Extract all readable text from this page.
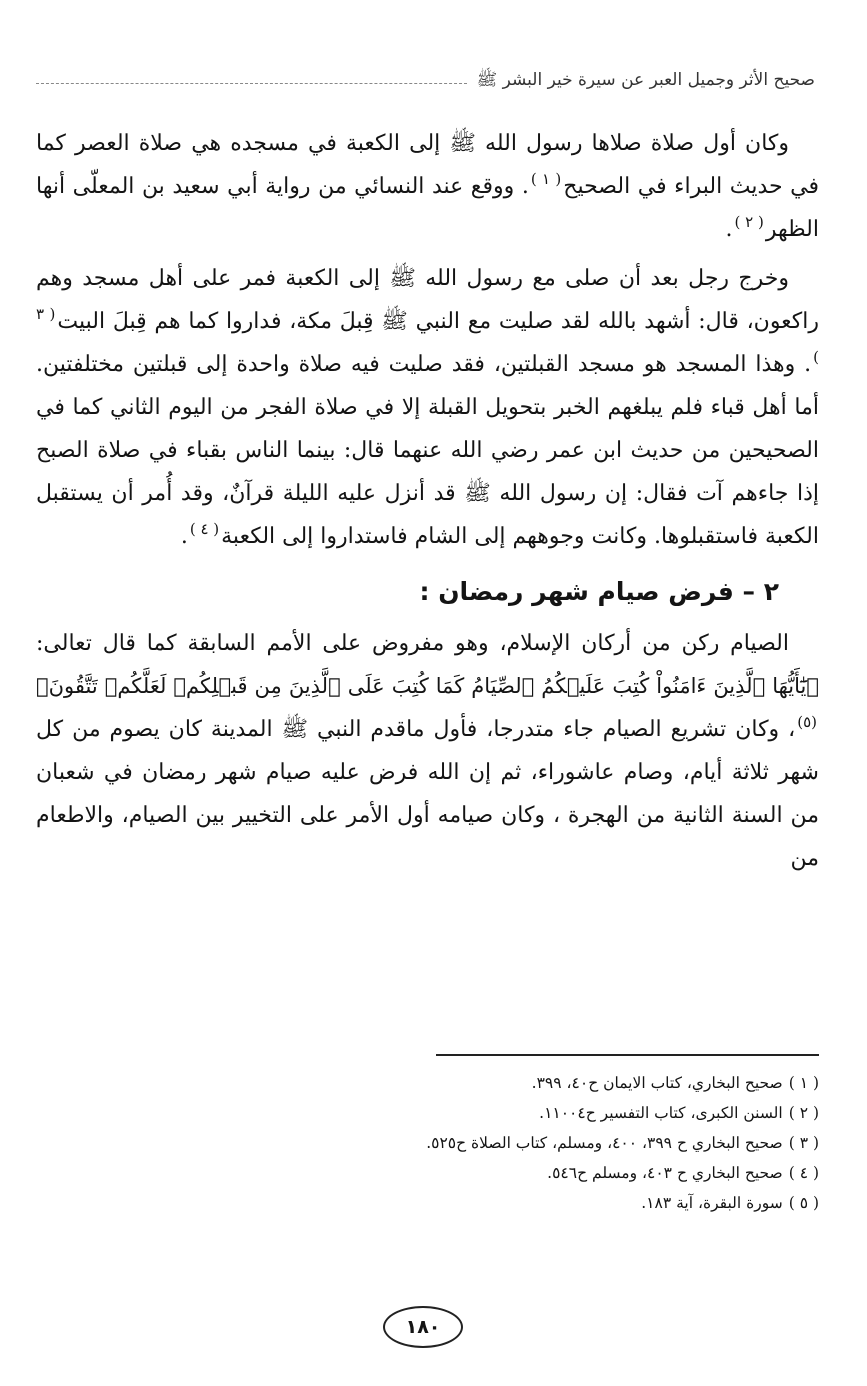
صحيح الأثر وجميل العبر عن سيرة خير البشر ﷺ

وكان أول صلاة صلاها رسول الله ﷺ إلى الكعبة في مسجده هي صلاة العصر كما في حديث البراء في الصحيح$^{( ١ )}$. ووقع عند النسائي من رواية أبي سعيد بن المعلّى أنها الظهر$^{( ٢ )}$.

وخرج رجل بعد أن صلى مع رسول الله ﷺ إلى الكعبة فمر على أهل مسجد وهم راكعون، قال: أشهد بالله لقد صليت مع النبي ﷺ قِبلَ مكة، فداروا كما هم قِبلَ البيت$^{( ٣ )}$. وهذا المسجد هو مسجد القبلتين، فقد صليت فيه صلاة واحدة إلى قبلتين مختلفتين. أما أهل قباء فلم يبلغهم الخبر بتحويل القبلة إلا في صلاة الفجر من اليوم الثاني كما في الصحيحين من حديث ابن عمر رضي الله عنهما قال: بينما الناس بقباء في صلاة الصبح إذا جاءهم آت فقال: إن رسول الله ﷺ قد أنزل عليه الليلة قرآنٌ، وقد أُمر أن يستقبل الكعبة فاستقبلوها. وكانت وجوههم إلى الشام فاستداروا إلى الكعبة$^{( ٤ )}$.

٢ – فرض صيام شهر رمضان :

الصيام ركن من أركان الإسلام، وهو مفروض على الأمم السابقة كما قال تعالى: ﴿يَٰٓأَيُّهَا ٱلَّذِينَ ءَامَنُواْ كُتِبَ عَلَيۡكُمُ ٱلصِّيَامُ كَمَا كُتِبَ عَلَى ٱلَّذِينَ مِن قَبۡلِكُمۡ لَعَلَّكُمۡ تَتَّقُونَ﴾$^{(٥)}$، وكان تشريع الصيام جاء متدرجا، فأول ماقدم النبي ﷺ المدينة كان يصوم من كل شهر ثلاثة أيام، وصام عاشوراء، ثم إن الله فرض عليه صيام شهر رمضان في شعبان من السنة الثانية من الهجرة ، وكان صيامه أول الأمر على التخيير بين الصيام، والاطعام من

( ١ )صحيح البخاري، كتاب الايمان ح٤٠، ٣٩٩.

( ٢ )السنن الكبرى، كتاب التفسير ح١١٠٠٤.

( ٣ )صحيح البخاري ح ٣٩٩، ٤٠٠، ومسلم، كتاب الصلاة ح٥٢٥.

( ٤ )صحيح البخاري ح ٤٠٣، ومسلم ح٥٤٦.

( ٥ )سورة البقرة، آية ١٨٣.

١٨٠
